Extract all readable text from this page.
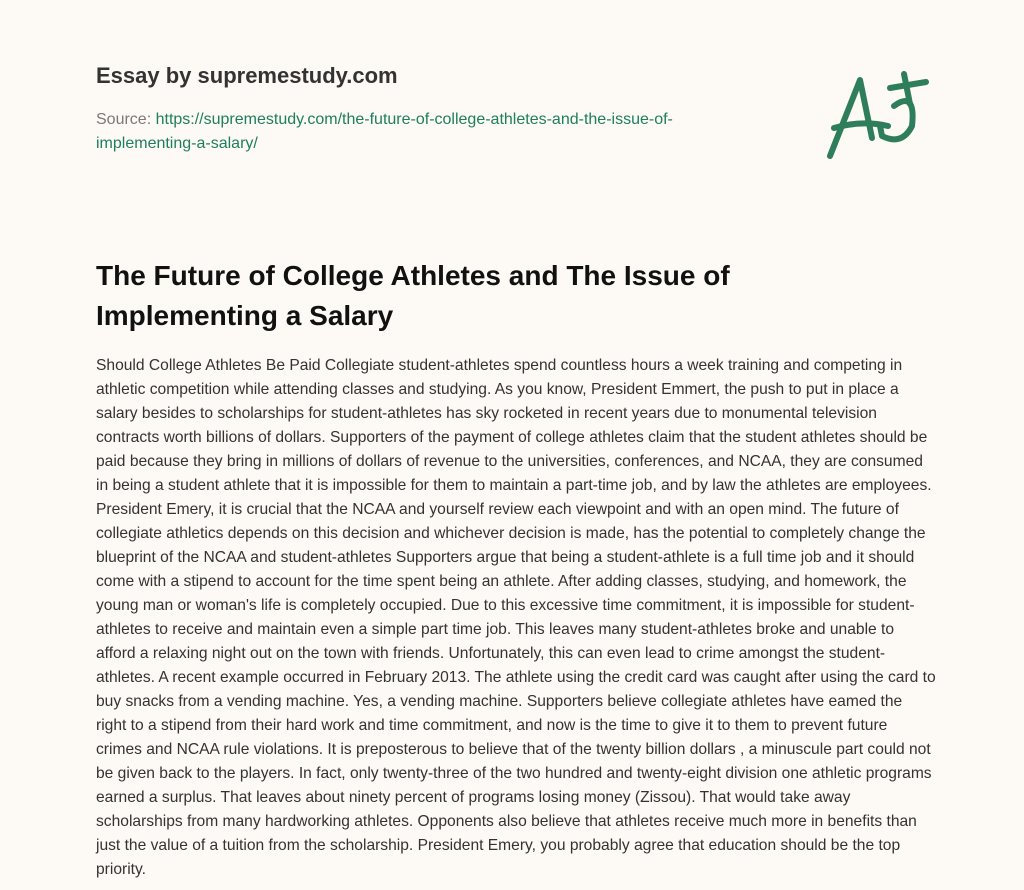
Essay by supremestudy.com
Source: https://supremestudy.com/the-future-of-college-athletes-and-the-issue-of-
implementing-a-salary/
The Future of College Athletes and The Issue of Implementing a Salary

Should College Athletes Be Paid Collegiate student-athletes spend countless hours a week training and competing in athletic competition while attending classes and studying. As you know, President Emmert, the push to put in place a salary besides to scholarships for student-athletes has sky rocketed in recent years due to monumental television contracts worth billions of dollars. Supporters of the payment of college athletes claim that the student athletes should be paid because they bring in millions of dollars of revenue to the universities, conferences, and NCAA, they are consumed in being a student athlete that it is impossible for them to maintain a part-time job, and by law the athletes are employees. President Emery, it is crucial that the NCAA and yourself review each viewpoint and with an open mind. The future of collegiate athletics depends on this decision and whichever decision is made, has the potential to completely change the blueprint of the NCAA and student-athletes Supporters argue that being a student-athlete is a full time job and it should come with a stipend to account for the time spent being an athlete. After adding classes, studying, and homework, the young man or woman's life is completely occupied. Due to this excessive time commitment, it is impossible for student-athletes to receive and maintain even a simple part time job. This leaves many student-athletes broke and unable to afford a relaxing night out on the town with friends. Unfortunately, this can even lead to crime amongst the student-athletes. A recent example occurred in February 2013. The athlete using the credit card was caught after using the card to buy snacks from a vending machine. Yes, a vending machine. Supporters believe collegiate athletes have eamed the right to a stipend from their hard work and time commitment, and now is the time to give it to them to prevent future crimes and NCAA rule violations. It is preposterous to believe that of the twenty billion dollars , a minuscule part could not be given back to the players. In fact, only twenty-three of the two hundred and twenty-eight division one athletic programs earned a surplus. That leaves about ninety percent of programs losing money (Zissou). That would take away scholarships from many hardworking athletes. Opponents also believe that athletes receive much more in benefits than just the value of a tuition from the scholarship. President Emery, you probably agree that education should be the top priority.
